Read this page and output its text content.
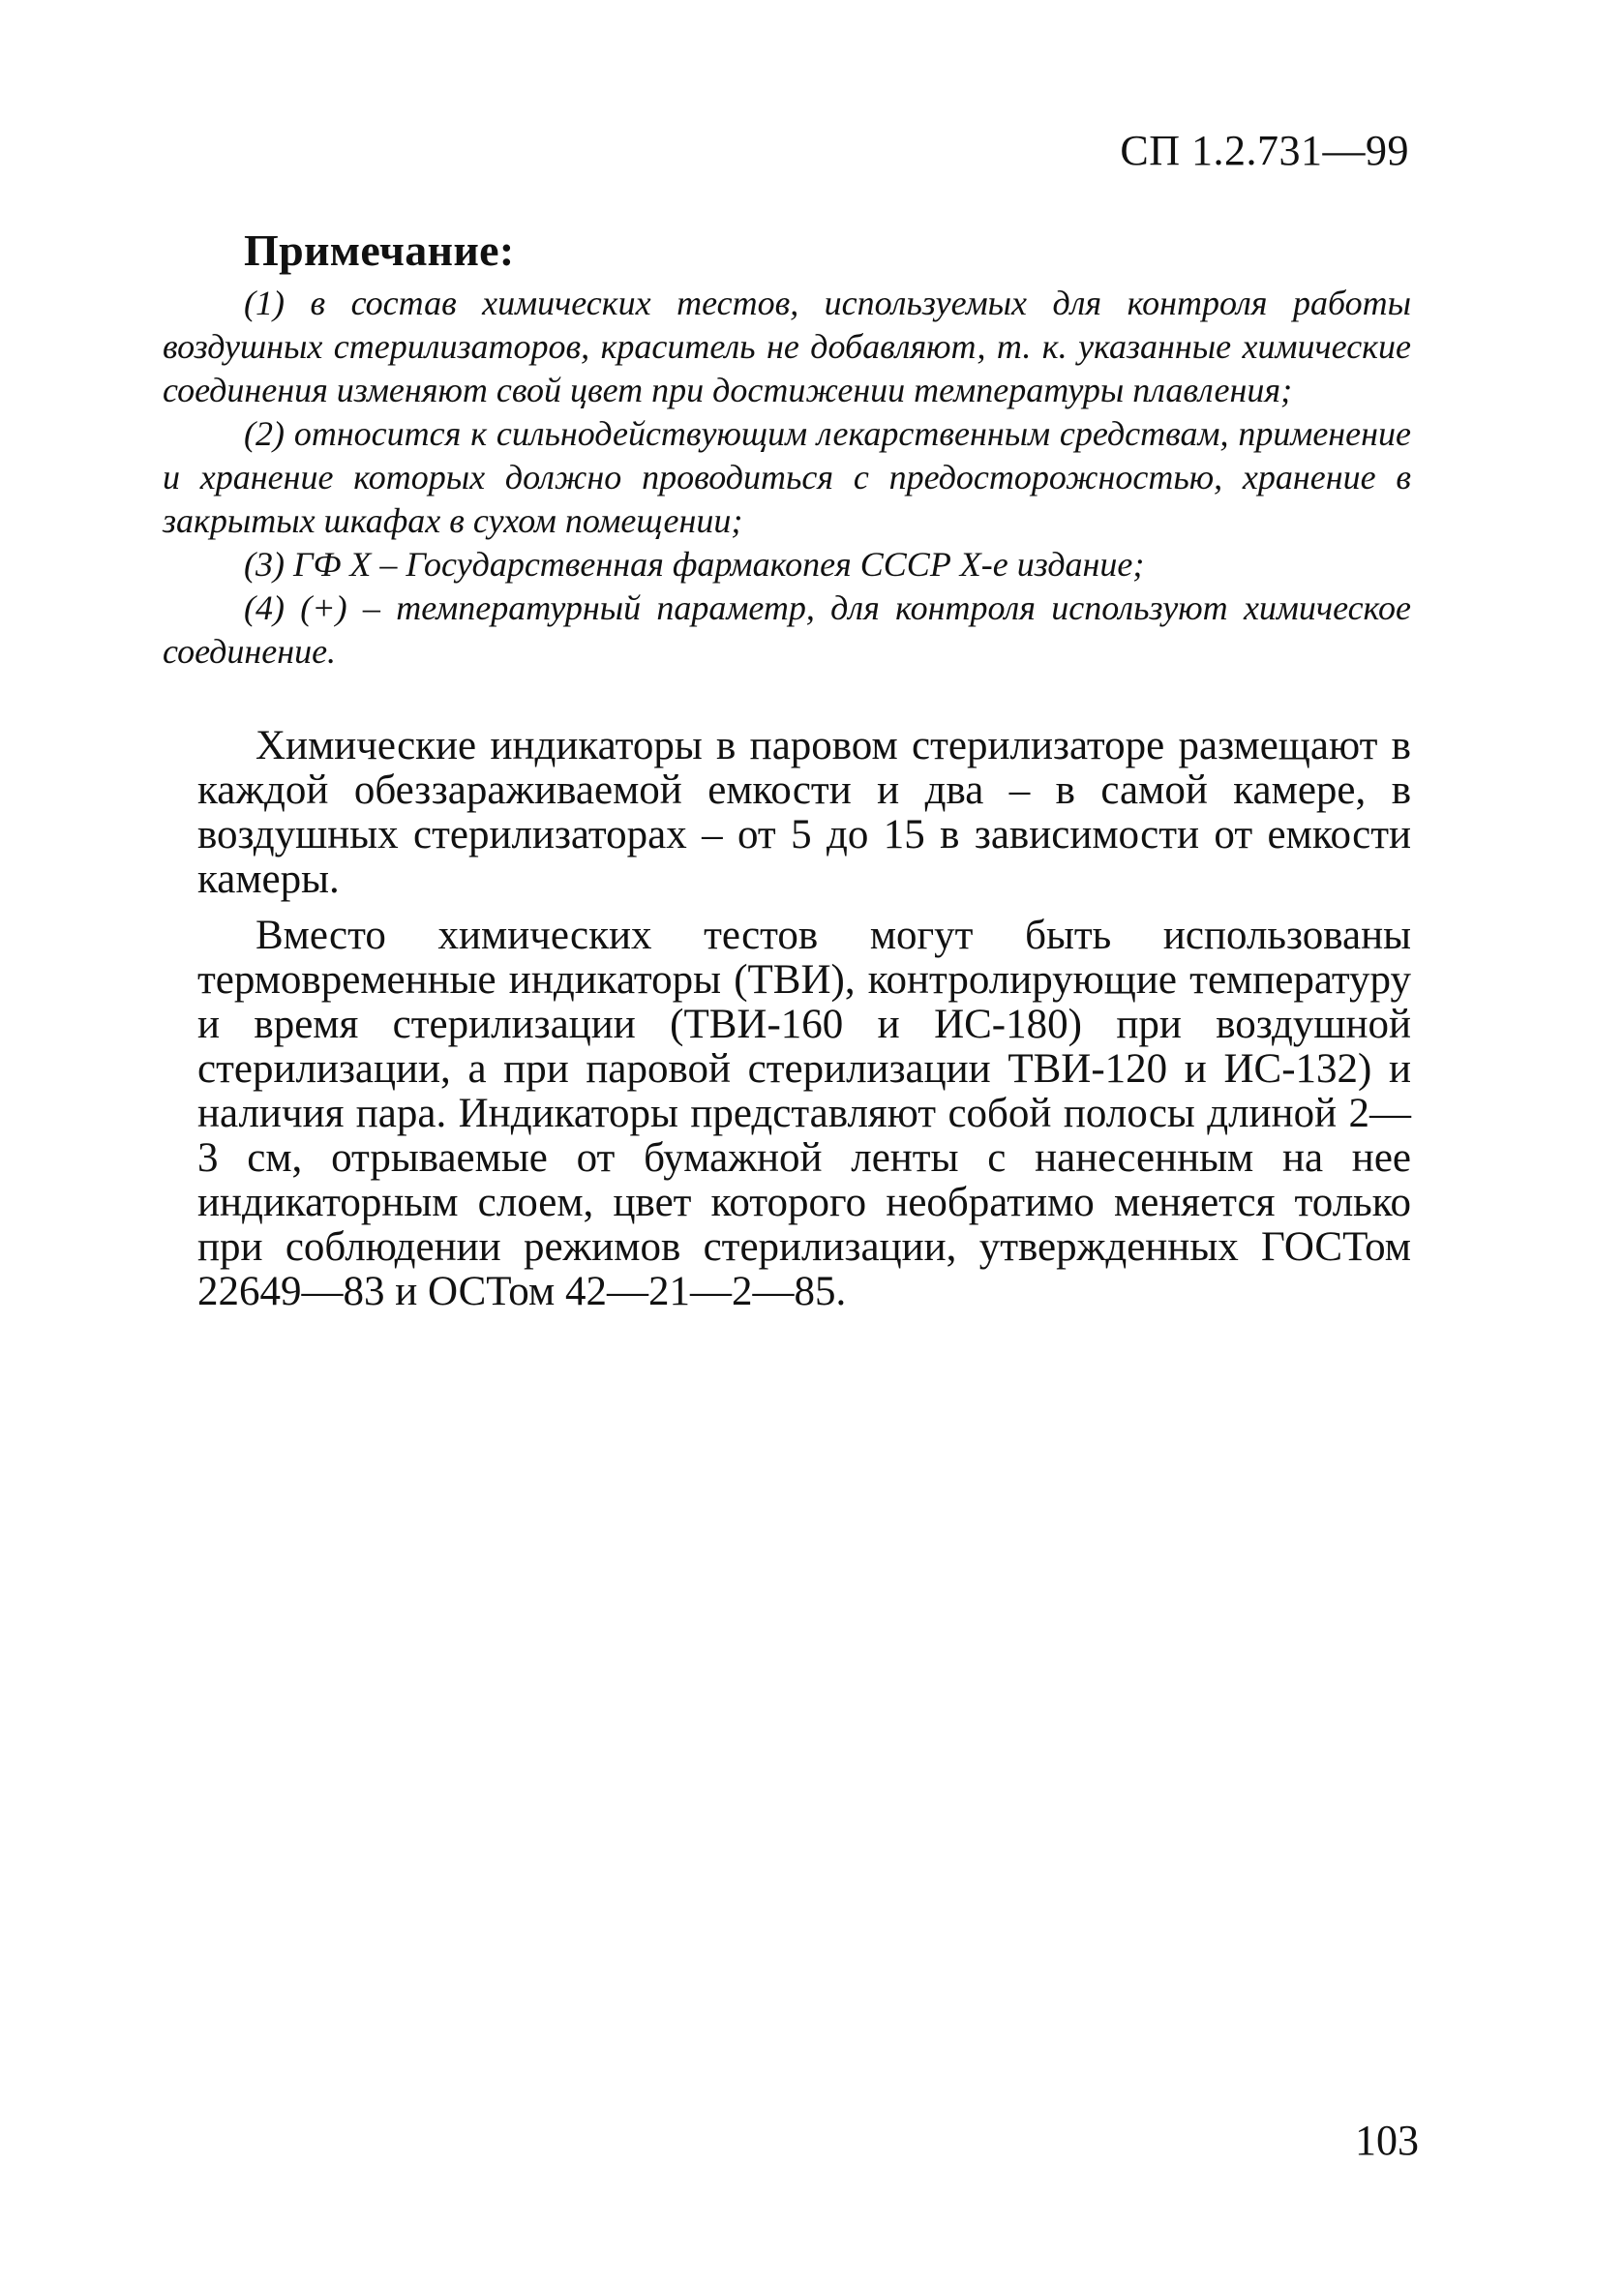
СП 1.2.731—99
Примечание:

(1) в состав химических тестов, используемых для контроля работы воздушных стерилизаторов, краситель не добавляют, т. к. указанные химические соединения изменяют свой цвет при достижении температуры плавления;

(2) относится к сильнодействующим лекарственным средствам, применение и хранение которых должно проводиться с предосторожностью, хранение в закрытых шкафах в сухом помещении;

(3) ГФ X – Государственная фармакопея СССР X-е издание;

(4) (+) – температурный параметр, для контроля используют химическое соединение.

Химические индикаторы в паровом стерилизаторе размещают в каждой обеззараживаемой емкости и два – в самой камере, в воздушных стерилизаторах – от 5 до 15 в зависимости от емкости камеры.

Вместо химических тестов могут быть использованы термовременные индикаторы (ТВИ), контролирующие температуру и время стерилизации (ТВИ-160 и ИС-180) при воздушной стерилизации, а при паровой стерилизации ТВИ-120 и ИС-132) и наличия пара. Индикаторы представляют собой полосы длиной 2—3 см, отрываемые от бумажной ленты с нанесенным на нее индикаторным слоем, цвет которого необратимо меняется только при соблюдении режимов стерилизации, утвержденных ГОСТом 22649—83 и ОСТом 42—21—2—85.

103
